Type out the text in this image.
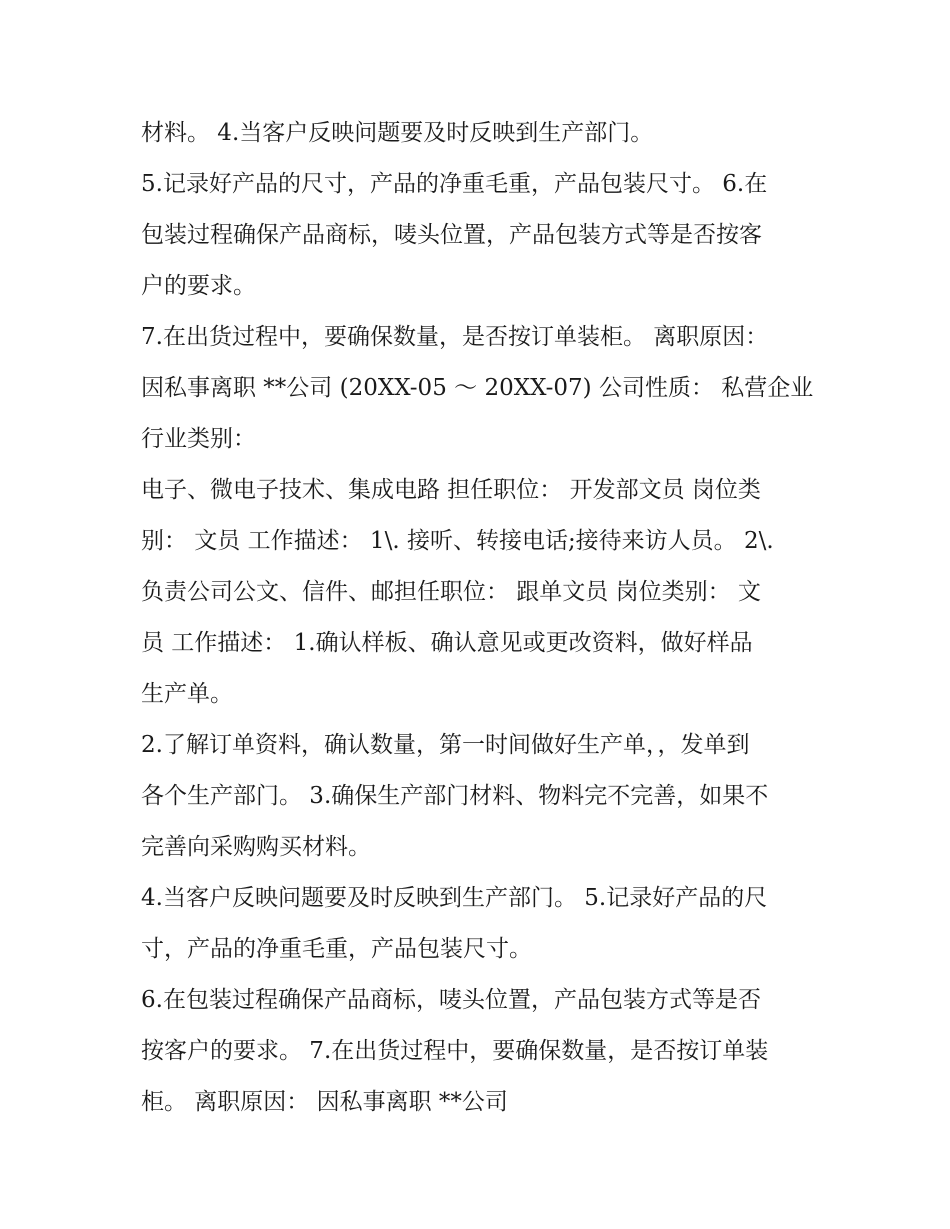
材料。 4.当客户反映问题要及时反映到生产部门。
5.记录好产品的尺寸，产品的净重毛重，产品包装尺寸。 6.在
包装过程确保产品商标，唛头位置，产品包装方式等是否按客
户的要求。
7.在出货过程中，要确保数量，是否按订单装柜。 离职原因：
因私事离职 **公司 (20XX-05 ～ 20XX-07) 公司性质： 私营企业
行业类别：
电子、微电子技术、集成电路 担任职位： 开发部文员 岗位类
别： 文员 工作描述： 1\. 接听、转接电话;接待来访人员。 2\.
负责公司公文、信件、邮担任职位： 跟单文员 岗位类别： 文
员 工作描述： 1.确认样板、确认意见或更改资料，做好样品
生产单。
2.了解订单资料，确认数量，第一时间做好生产单，，发单到
各个生产部门。 3.确保生产部门材料、物料完不完善，如果不
完善向采购购买材料。
4.当客户反映问题要及时反映到生产部门。 5.记录好产品的尺
寸，产品的净重毛重，产品包装尺寸。
6.在包装过程确保产品商标，唛头位置，产品包装方式等是否
按客户的要求。 7.在出货过程中，要确保数量，是否按订单装
柜。 离职原因： 因私事离职 **公司
